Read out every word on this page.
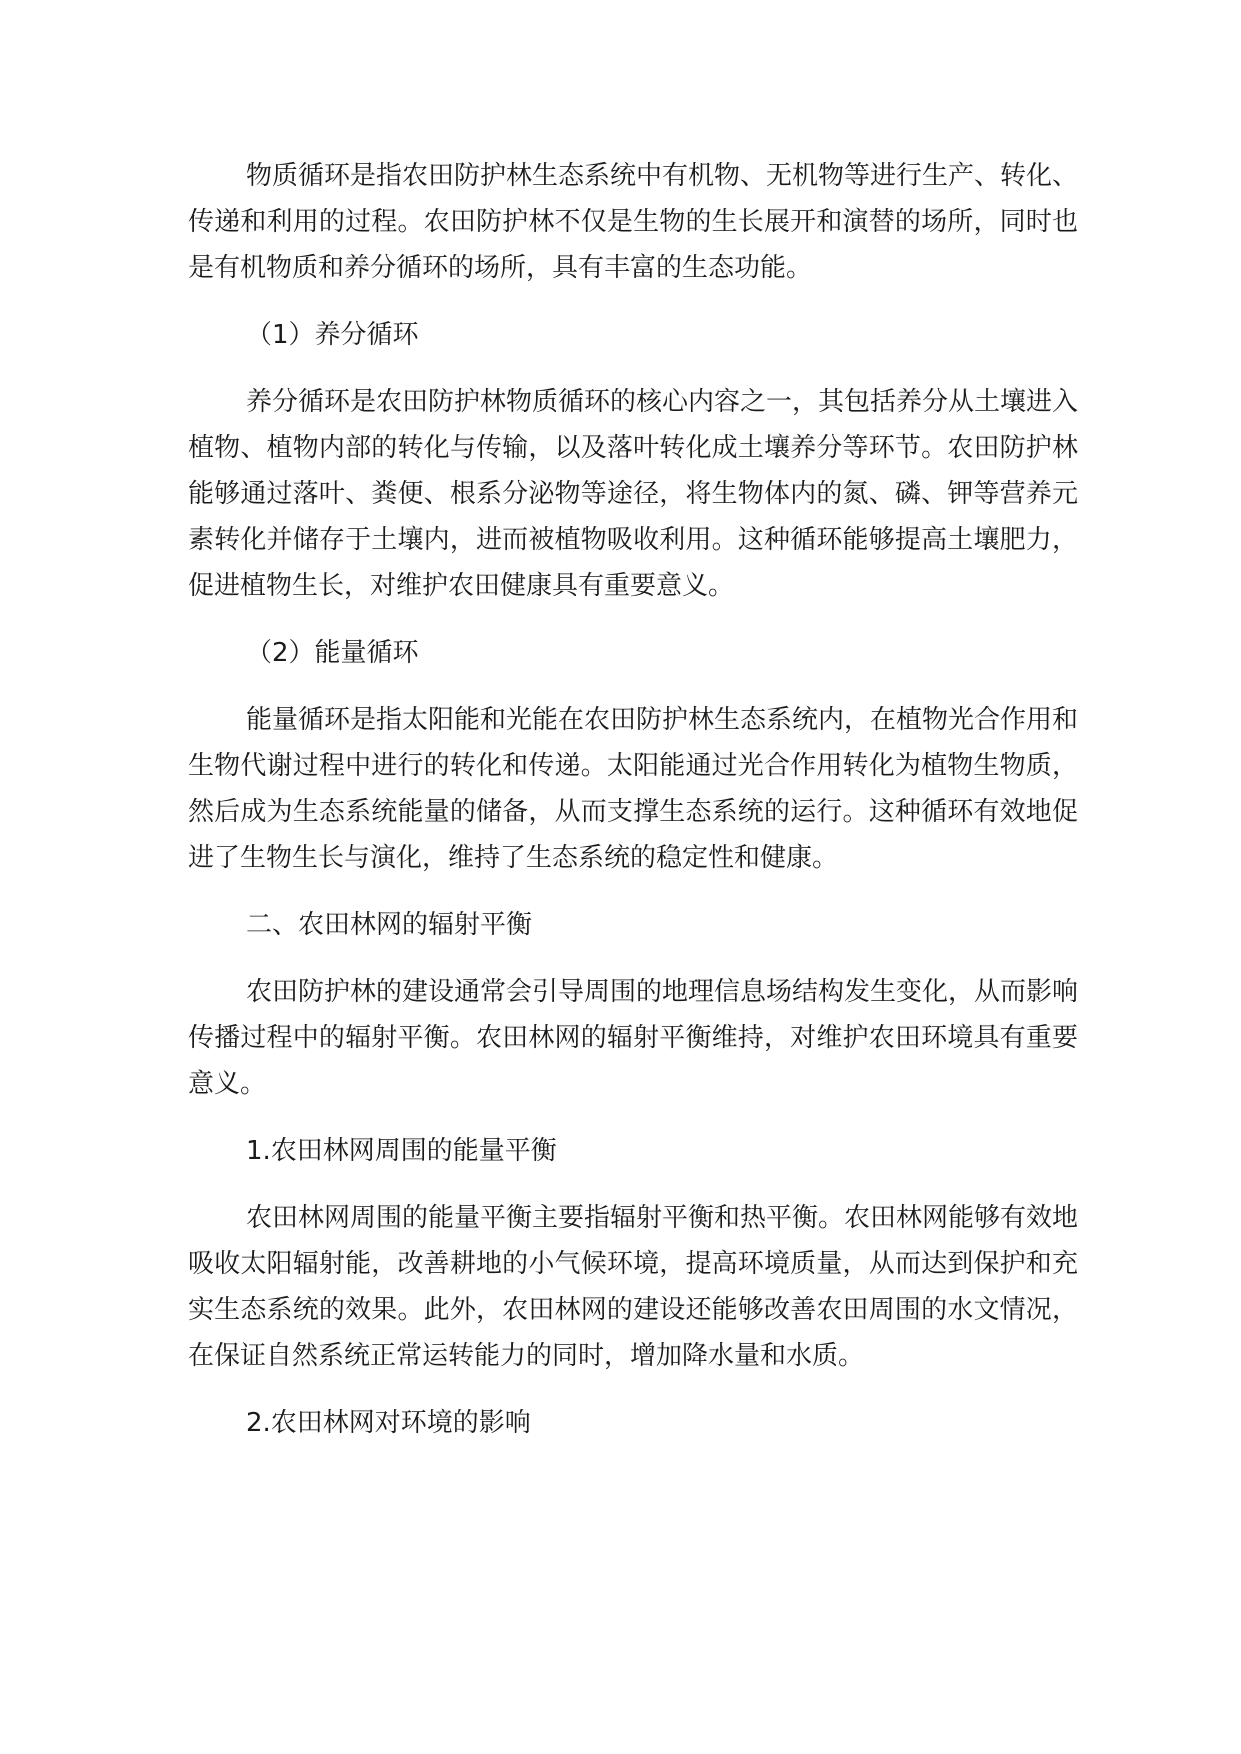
物质循环是指农田防护林生态系统中有机物、无机物等进行生产、转化、传递和利用的过程。农田防护林不仅是生物的生长展开和演替的场所，同时也是有机物质和养分循环的场所，具有丰富的生态功能。

（1）养分循环

养分循环是农田防护林物质循环的核心内容之一，其包括养分从土壤进入植物、植物内部的转化与传输，以及落叶转化成土壤养分等环节。农田防护林能够通过落叶、粪便、根系分泌物等途径，将生物体内的氮、磷、钾等营养元素转化并储存于土壤内，进而被植物吸收利用。这种循环能够提高土壤肥力，促进植物生长，对维护农田健康具有重要意义。

（2）能量循环

能量循环是指太阳能和光能在农田防护林生态系统内，在植物光合作用和生物代谢过程中进行的转化和传递。太阳能通过光合作用转化为植物生物质，然后成为生态系统能量的储备，从而支撑生态系统的运行。这种循环有效地促进了生物生长与演化，维持了生态系统的稳定性和健康。

二、农田林网的辐射平衡

农田防护林的建设通常会引导周围的地理信息场结构发生变化，从而影响传播过程中的辐射平衡。农田林网的辐射平衡维持，对维护农田环境具有重要意义。

1.农田林网周围的能量平衡

农田林网周围的能量平衡主要指辐射平衡和热平衡。农田林网能够有效地吸收太阳辐射能，改善耕地的小气候环境，提高环境质量，从而达到保护和充实生态系统的效果。此外，农田林网的建设还能够改善农田周围的水文情况，在保证自然系统正常运转能力的同时，增加降水量和水质。

2.农田林网对环境的影响
